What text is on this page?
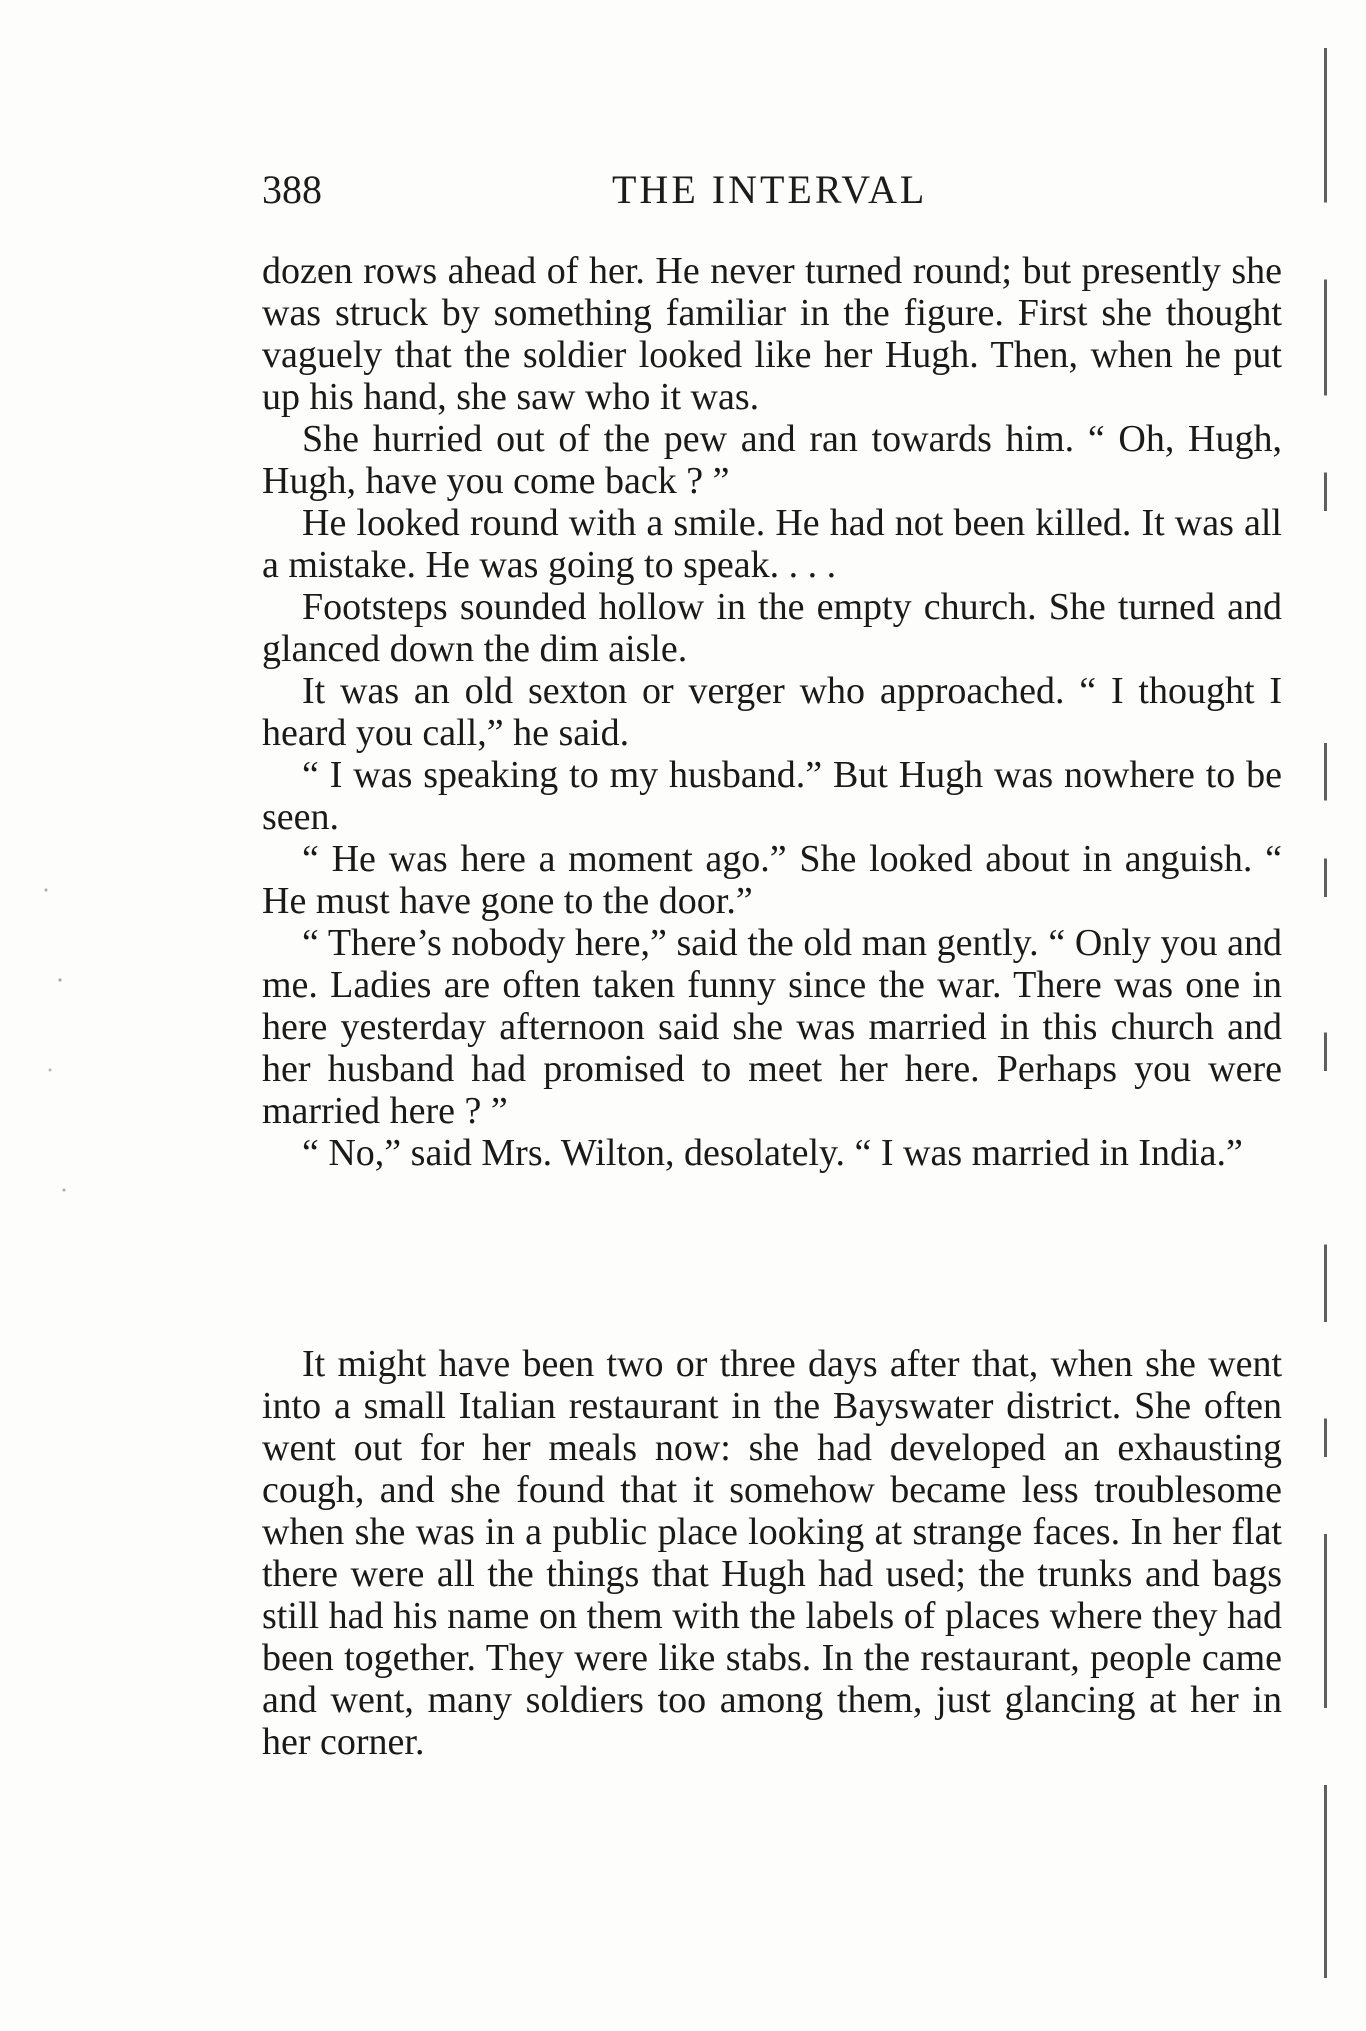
388	THE INTERVAL

dozen rows ahead of her. He never turned round; but presently she was struck by something familiar in the figure. First she thought vaguely that the soldier looked like her Hugh. Then, when he put up his hand, she saw who it was.

She hurried out of the pew and ran towards him. “ Oh, Hugh, Hugh, have you come back ? ”

He looked round with a smile. He had not been killed. It was all a mistake. He was going to speak. . . .

Footsteps sounded hollow in the empty church. She turned and glanced down the dim aisle.

It was an old sexton or verger who approached. “ I thought I heard you call,” he said.

“ I was speaking to my husband.” But Hugh was nowhere to be seen.

“ He was here a moment ago.” She looked about in anguish. “ He must have gone to the door.”

“ There’s nobody here,” said the old man gently. “ Only you and me. Ladies are often taken funny since the war. There was one in here yesterday afternoon said she was married in this church and her husband had promised to meet her here. Perhaps you were married here ? ”

“ No,” said Mrs. Wilton, desolately. “ I was married in India.”

It might have been two or three days after that, when she went into a small Italian restaurant in the Bayswater district. She often went out for her meals now: she had developed an exhausting cough, and she found that it somehow became less troublesome when she was in a public place looking at strange faces. In her flat there were all the things that Hugh had used; the trunks and bags still had his name on them with the labels of places where they had been together. They were like stabs. In the restaurant, people came and went, many soldiers too among them, just glancing at her in her corner.
